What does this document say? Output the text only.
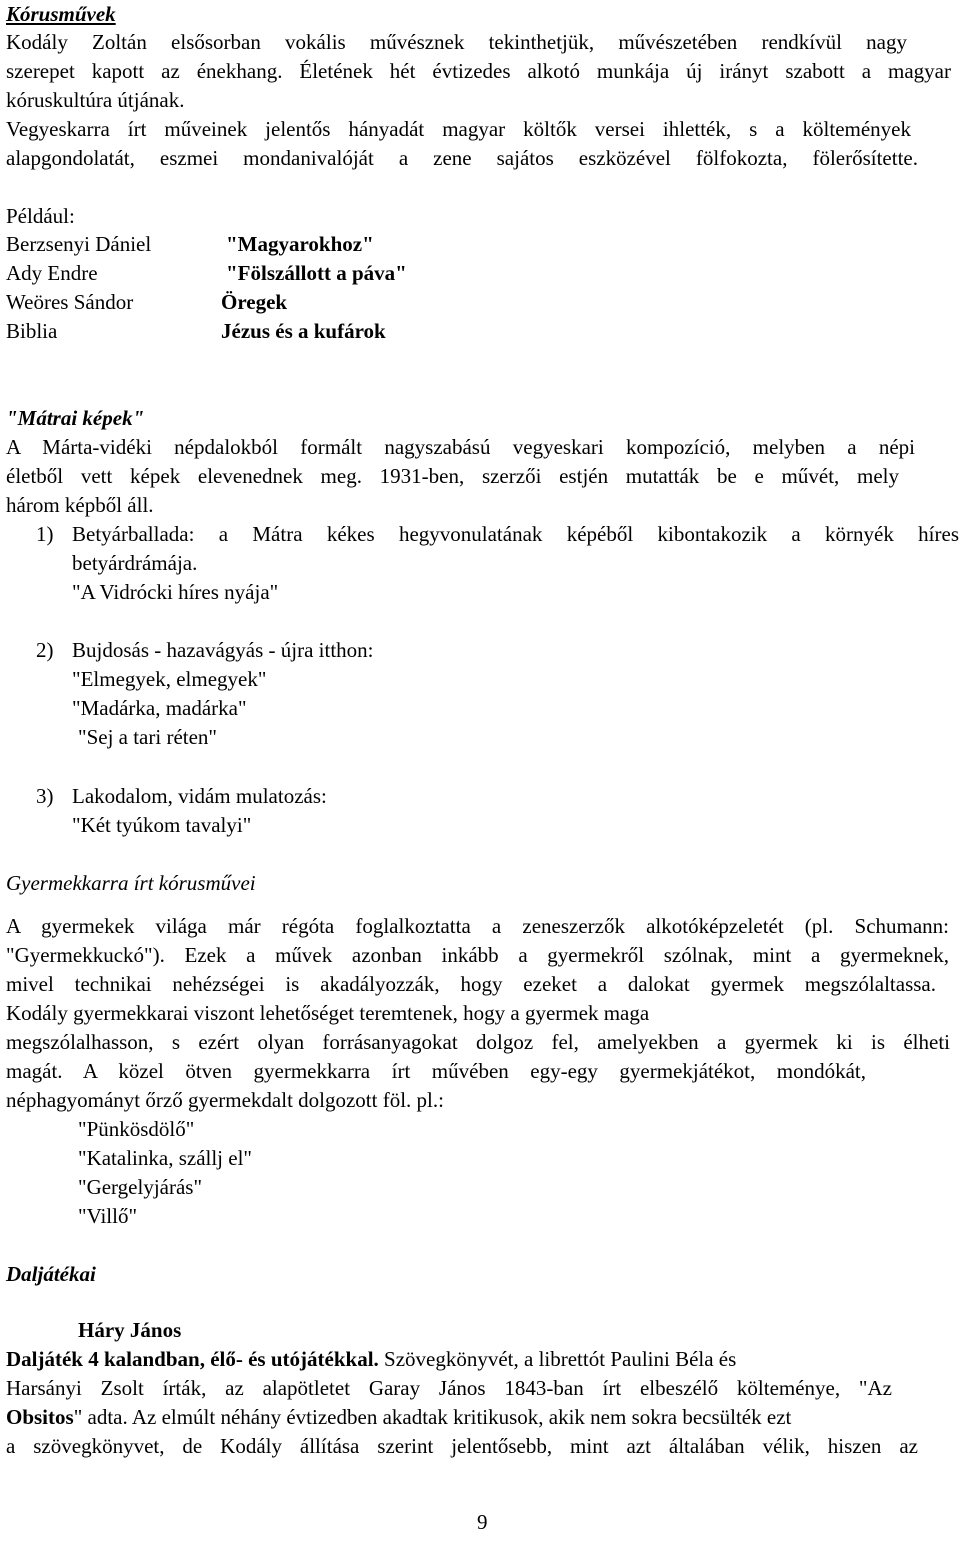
Kórusművek
Kodály Zoltán elsősorban vokális művésznek tekinthetjük, művészetében rendkívül nagy
szerepet kapott az énekhang. Életének hét évtizedes alkotó munkája új irányt szabott a magyar
kóruskultúra útjának.
Vegyeskarra írt műveinek jelentős hányadát magyar költők versei ihlették, s a költemények
alapgondolatát, eszmei mondanivalóját a zene sajátos eszközével fölfokozta, fölerősítette.
Például:
Berzsenyi Dániel	"Magyarokhoz"
Ady Endre	"Fölszállott a páva"
Weöres Sándor	Öregek
Biblia	Jézus és a kufárok
"Mátrai képek"
A Márta-vidéki népdalokból formált nagyszabású vegyeskari kompozíció, melyben a népi
életből vett képek elevenednek meg. 1931-ben, szerzői estjén mutatták be e művét, mely
három képből áll.
1) Betyárballada: a Mátra kékes hegyvonulatának képéből kibontakozik a környék híres
betyárdrámája.
"A Vidrócki híres nyája"
2) Bujdosás - hazavágyás - újra itthon:
"Elmegyek, elmegyek"
"Madárka, madárka"
"Sej a tari réten"
3) Lakodalom, vidám mulatozás:
"Két tyúkom tavalyi"
Gyermekkarra írt kórusművei
A gyermekek világa már régóta foglalkoztatta a zeneszerzők alkotóképzeletét (pl. Schumann:
"Gyermekkuckó"). Ezek a művek azonban inkább a gyermekről szólnak, mint a gyermeknek,
mivel technikai nehézségei is akadályozzák, hogy ezeket a dalokat gyermek megszólaltassa.
Kodály gyermekkarai viszont lehetőséget teremtenek, hogy a gyermek maga
megszólalhasson, s ezért olyan forrásanyagokat dolgoz fel, amelyekben a gyermek ki is élheti
magát. A közel ötven gyermekkarra írt művében egy-egy gyermekjátékot, mondókát,
néphagyományt őrző gyermekdalt dolgozott föl. pl.:
"Pünkösdölő"
"Katalinka, szállj el"
"Gergelyjárás"
"Villő"
Daljátékai
Háry János
Daljáték 4 kalandban, élő- és utójátékkal. Szövegkönyvét, a librettót Paulini Béla és
Harsányi Zsolt írták, az alapötletet Garay János 1843-ban írt elbeszélő költeménye, "Az
Obsitos" adta. Az elmúlt néhány évtizedben akadtak kritikusok, akik nem sokra becsülték ezt
a szövegkönyvet, de Kodály állítása szerint jelentősebb, mint azt általában vélik, hiszen az
9
